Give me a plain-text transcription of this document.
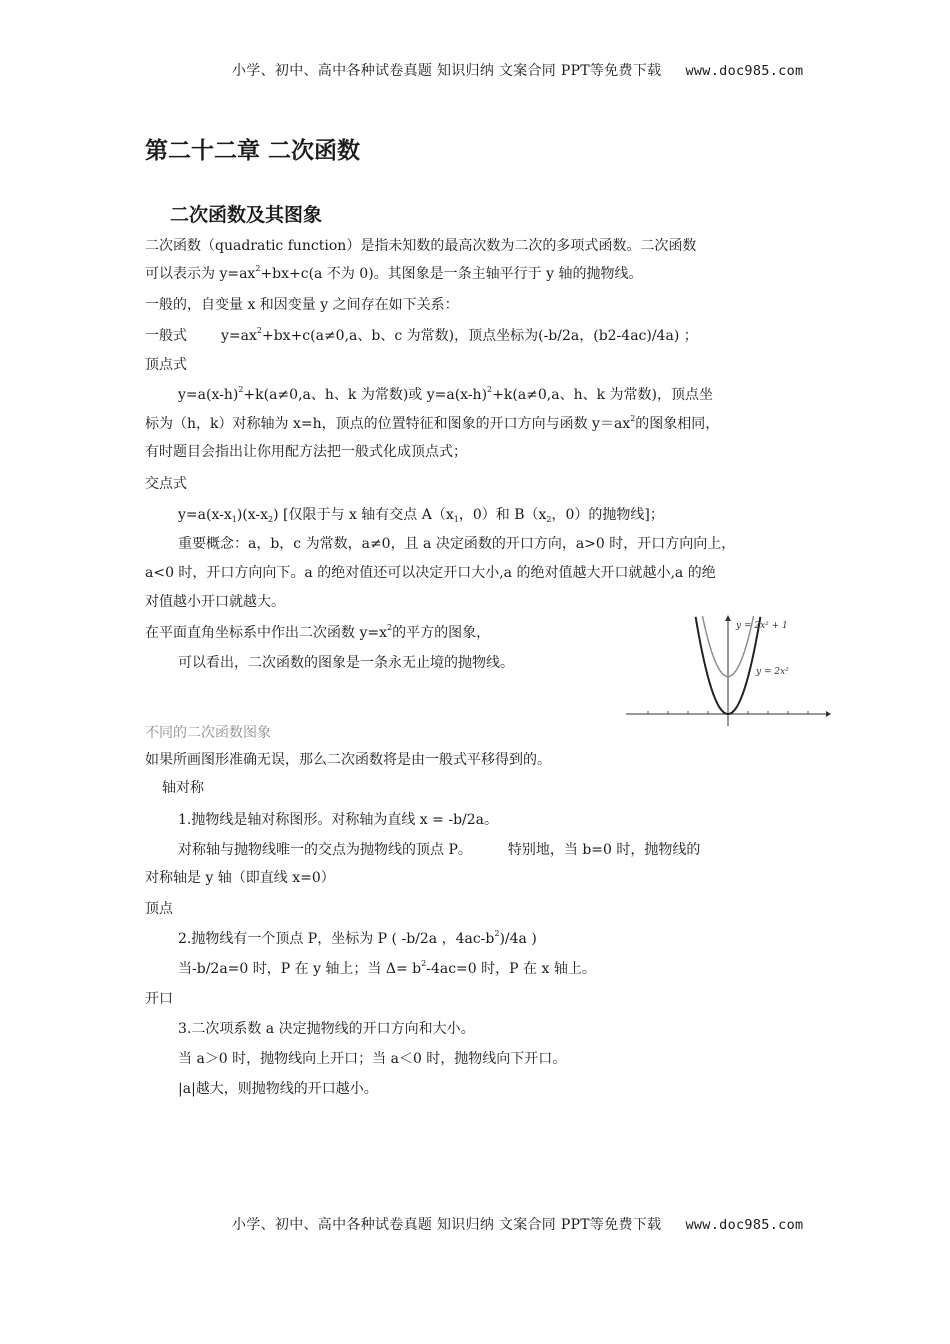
小学、初中、高中各种试卷真题 知识归纳 文案合同 PPT等免费下载 www.doc985.com
第二十二章 二次函数
二次函数及其图象
二次函数（quadratic function）是指未知数的最高次数为二次的多项式函数。二次函数
可以表示为 $y=ax^2+bx+c(a$ 不为 0)。其图象是一条主轴平行于 y 轴的抛物线。
一般的，自变量 x 和因变量 y 之间存在如下关系：
一般式 $y=ax^2+bx+c(a\ne 0,a$、b、c 为常数)，顶点坐标为(-b/2a，(b2-4ac)/4a) ；
顶点式
$y=a(x-h)^2+k(a\ne 0,a$、h、k 为常数)或 $y=a(x-h)^2+k(a\ne 0,a$、h、k 为常数)，顶点坐
标为（h，k）对称轴为 x=h，顶点的位置特征和图象的开口方向与函数 $y=ax^2$的图象相同，
有时题目会指出让你用配方法把一般式化成顶点式；
交点式
$y=a(x-x_1)(x-x_2)$ [仅限于与 x 轴有交点 $A(x_1$，0）和 $B(x_2$，0）的抛物线]；
重要概念：a，b，c 为常数，a≠0，且 a 决定函数的开口方向，a>0 时，开口方向向上，
a<0 时，开口方向向下。a 的绝对值还可以决定开口大小,a 的绝对值越大开口就越小,a 的绝
对值越小开口就越大。
在平面直角坐标系中作出二次函数 $y=x^2$的平方的图象，
可以看出，二次函数的图象是一条永无止境的抛物线。
y = 2x² + 1
y = 2x²
不同的二次函数图象
如果所画图形准确无误，那么二次函数将是由一般式平移得到的。
轴对称
1.抛物线是轴对称图形。对称轴为直线 x = -b/2a。
对称轴与抛物线唯一的交点为抛物线的顶点 P。	特别地，当 b=0 时，抛物线的
对称轴是 y 轴（即直线 x=0）
顶点
2.抛物线有一个顶点 P，坐标为 P ( -b/2a ，$4ac-b^2)/4a$ )
当-b/2a=0 时，P 在 y 轴上；当 $\Delta= b^2-4ac=0$ 时，P 在 x 轴上。
开口
3.二次项系数 a 决定抛物线的开口方向和大小。
当 a＞0 时，抛物线向上开口；当 a＜0 时，抛物线向下开口。
|a|越大，则抛物线的开口越小。
小学、初中、高中各种试卷真题 知识归纳 文案合同 PPT等免费下载 www.doc985.com
